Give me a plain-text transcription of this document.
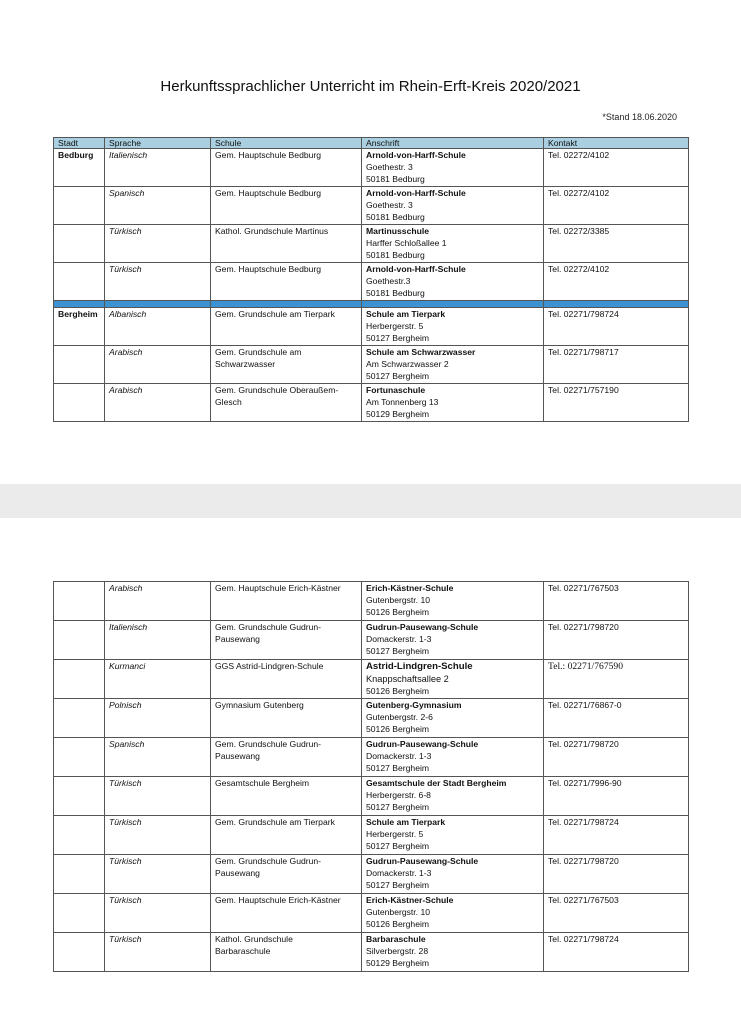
Herkunftssprachlicher Unterricht im Rhein-Erft-Kreis 2020/2021
*Stand 18.06.2020
Stadt	Sprache	Schule	Anschrift	Kontakt
Bedburg	Italienisch	Gem. Hauptschule Bedburg	Arnold-von-Harff-Schule
Goethestr. 3
50181 Bedburg	Tel. 02272/4102
	Spanisch	Gem. Hauptschule Bedburg	Arnold-von-Harff-Schule
Goethestr. 3
50181 Bedburg	Tel. 02272/4102
	Türkisch	Kathol. Grundschule Martinus	Martinusschule
Harffer Schloßallee 1
50181 Bedburg	Tel. 02272/3385
	Türkisch	Gem. Hauptschule Bedburg	Arnold-von-Harff-Schule
Goethestr.3
50181 Bedburg	Tel. 02272/4102

Bergheim	Albanisch	Gem. Grundschule am Tierpark	Schule am Tierpark
Herbergerstr. 5
50127 Bergheim	Tel. 02271/798724
	Arabisch	Gem. Grundschule am
Schwarzwasser	Schule am Schwarzwasser
Am Schwarzwasser 2
50127 Bergheim	Tel. 02271/798717
	Arabisch	Gem. Grundschule Oberaußem-
Glesch	Fortunaschule
Am Tonnenberg 13
50129 Bergheim	Tel. 02271/757190
	Arabisch	Gem. Hauptschule Erich-Kästner	Erich-Kästner-Schule
Gutenbergstr. 10
50126 Bergheim	Tel. 02271/767503
	Italienisch	Gem. Grundschule Gudrun-
Pausewang	Gudrun-Pausewang-Schule
Domackerstr. 1-3
50127 Bergheim	Tel. 02271/798720
	Kurmanci	GGS Astrid-Lindgren-Schule	Astrid-Lindgren-Schule
Knappschaftsallee 2
50126 Bergheim	Tel.: 02271/767590
	Polnisch	Gymnasium Gutenberg	Gutenberg-Gymnasium
Gutenbergstr. 2-6
50126 Bergheim	Tel. 02271/76867-0
	Spanisch	Gem. Grundschule Gudrun-
Pausewang	Gudrun-Pausewang-Schule
Domackerstr. 1-3
50127 Bergheim	Tel. 02271/798720
	Türkisch	Gesamtschule Bergheim	Gesamtschule der Stadt Bergheim
Herbergerstr. 6-8
50127 Bergheim	Tel. 02271/7996-90
	Türkisch	Gem. Grundschule am Tierpark	Schule am Tierpark
Herbergerstr. 5
50127 Bergheim	Tel. 02271/798724
	Türkisch	Gem. Grundschule Gudrun-
Pausewang	Gudrun-Pausewang-Schule
Domackerstr. 1-3
50127 Bergheim	Tel. 02271/798720
	Türkisch	Gem. Hauptschule Erich-Kästner	Erich-Kästner-Schule
Gutenbergstr. 10
50126 Bergheim	Tel. 02271/767503
	Türkisch	Kathol. Grundschule
Barbaraschule	Barbaraschule
Silverbergstr. 28
50129 Bergheim	Tel. 02271/798724
